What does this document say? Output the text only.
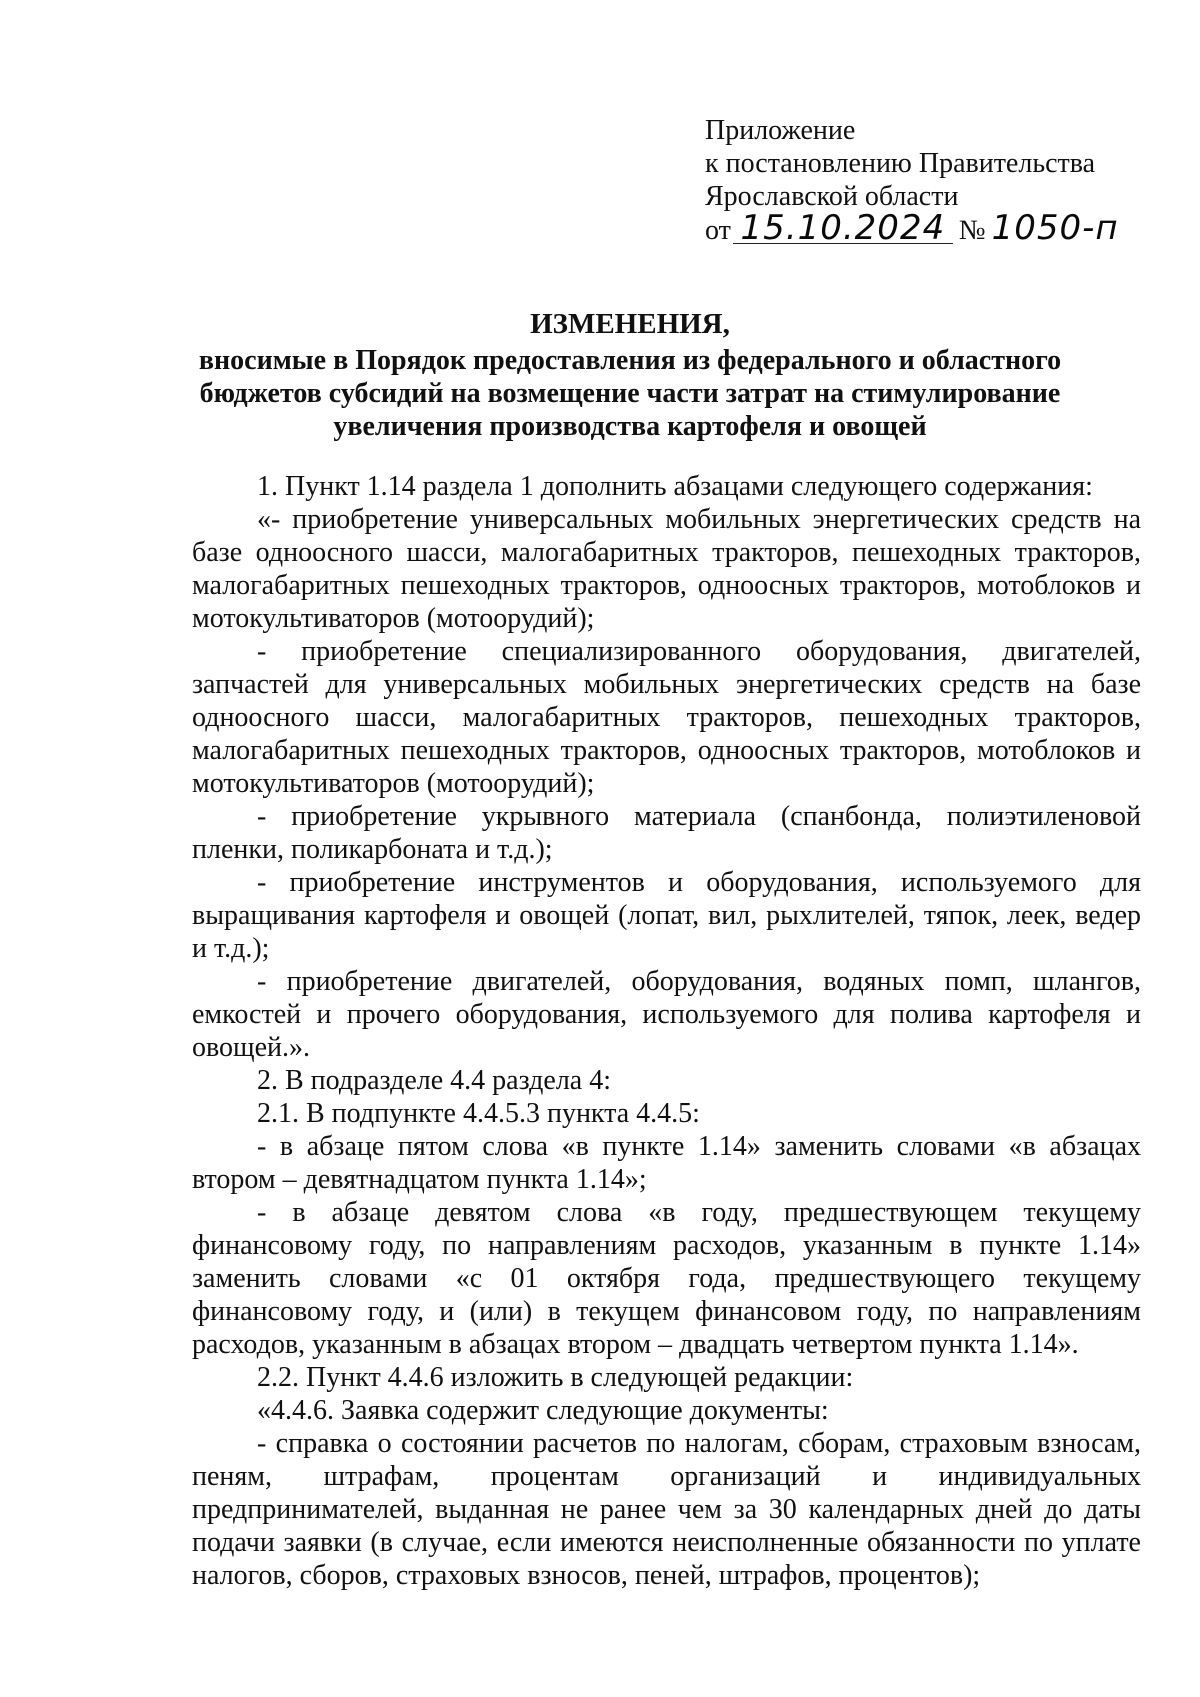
Приложение
к постановлению Правительства
Ярославской области
от 15.10.2024 № 1050-п
ИЗМЕНЕНИЯ,
вносимые в Порядок предоставления из федерального и областного
бюджетов субсидий на возмещение части затрат на стимулирование
увеличения производства картофеля и овощей

1. Пункт 1.14 раздела 1 дополнить абзацами следующего содержания:

«- приобретение универсальных мобильных энергетических средств на базе одноосного шасси, малогабаритных тракторов, пешеходных тракторов, малогабаритных пешеходных тракторов, одноосных тракторов, мотоблоков и мотокультиваторов (мотоорудий);

- приобретение специализированного оборудования, двигателей, запчастей для универсальных мобильных энергетических средств на базе одноосного шасси, малогабаритных тракторов, пешеходных тракторов, малогабаритных пешеходных тракторов, одноосных тракторов, мотоблоков и мотокультиваторов (мотоорудий);

- приобретение укрывного материала (спанбонда, полиэтиленовой пленки, поликарбоната и т.д.);

- приобретение инструментов и оборудования, используемого для выращивания картофеля и овощей (лопат, вил, рыхлителей, тяпок, леек, ведер и т.д.);

- приобретение двигателей, оборудования, водяных помп, шлангов, емкостей и прочего оборудования, используемого для полива картофеля и овощей.».

2. В подразделе 4.4 раздела 4:

2.1. В подпункте 4.4.5.3 пункта 4.4.5:

- в абзаце пятом слова «в пункте 1.14» заменить словами «в абзацах втором – девятнадцатом пункта 1.14»;

- в абзаце девятом слова «в году, предшествующем текущему финансовому году, по направлениям расходов, указанным в пункте 1.14» заменить словами «с 01 октября года, предшествующего текущему финансовому году, и (или) в текущем финансовом году, по направлениям расходов, указанным в абзацах втором – двадцать четвертом пункта 1.14».

2.2. Пункт 4.4.6 изложить в следующей редакции:

«4.4.6. Заявка содержит следующие документы:

- справка о состоянии расчетов по налогам, сборам, страховым взносам, пеням, штрафам, процентам организаций и индивидуальных предпринимателей, выданная не ранее чем за 30 календарных дней до даты подачи заявки (в случае, если имеются неисполненные обязанности по уплате налогов, сборов, страховых взносов, пеней, штрафов, процентов);
